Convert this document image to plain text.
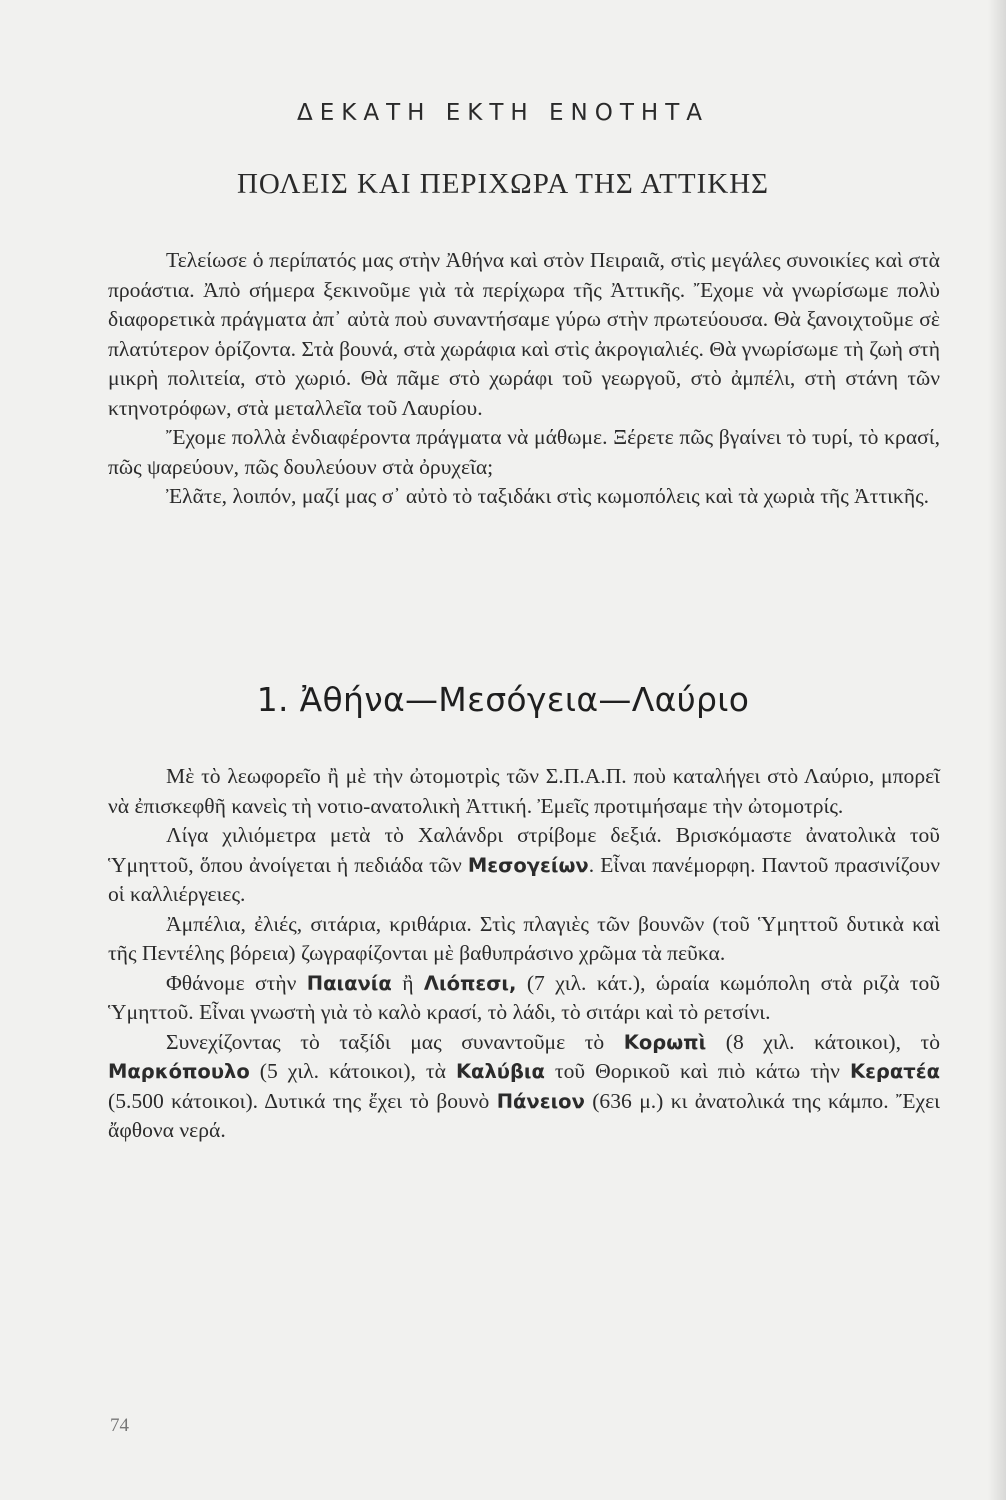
ΔΕΚΑΤΗ ΕΚΤΗ ΕΝΟΤΗΤΑ
ΠΟΛΕΙΣ ΚΑΙ ΠΕΡΙΧΩΡΑ ΤΗΣ ΑΤΤΙΚΗΣ

Τελείωσε ὁ περίπατός μας στὴν Ἀθήνα καὶ στὸν Πειραιᾶ, στὶς μεγάλες συνοικίες καὶ στὰ προάστια. Ἀπὸ σήμερα ξεκινοῦμε γιὰ τὰ περίχωρα τῆς Ἀττικῆς. Ἔχομε νὰ γνωρίσωμε πολὺ διαφορετικὰ πράγματα ἀπ᾿ αὐτὰ ποὺ συναντήσαμε γύρω στὴν πρωτεύουσα. Θὰ ξανοιχτοῦμε σὲ πλατύτερον ὁρίζοντα. Στὰ βουνά, στὰ χωράφια καὶ στὶς ἀκρογιαλιές. Θὰ γνωρίσωμε τὴ ζωὴ στὴ μικρὴ πολιτεία, στὸ χωριό. Θὰ πᾶμε στὸ χωράφι τοῦ γεωργοῦ, στὸ ἀμπέλι, στὴ στάνη τῶν κτηνοτρόφων, στὰ μεταλλεῖα τοῦ Λαυρίου.

Ἔχομε πολλὰ ἐνδιαφέροντα πράγματα νὰ μάθωμε. Ξέρετε πῶς βγαίνει τὸ τυρί, τὸ κρασί, πῶς ψαρεύουν, πῶς δουλεύουν στὰ ὀρυχεῖα;

Ἐλᾶτε, λοιπόν, μαζί μας σ᾿ αὐτὸ τὸ ταξιδάκι στὶς κωμοπόλεις καὶ τὰ χωριὰ τῆς Ἀττικῆς.

1. Ἀθήνα—Μεσόγεια—Λαύριο

Μὲ τὸ λεωφορεῖο ἢ μὲ τὴν ὠτομοτρὶς τῶν Σ.Π.Α.Π. ποὺ καταλήγει στὸ Λαύριο, μπορεῖ νὰ ἐπισκεφθῆ κανεὶς τὴ νοτιο-ανατολικὴ Ἀττική. Ἐμεῖς προτιμήσαμε τὴν ὠτομοτρίς.

Λίγα χιλιόμετρα μετὰ τὸ Χαλάνδρι στρίβομε δεξιά. Βρισκόμαστε ἀνατολικὰ τοῦ Ὑμηττοῦ, ὅπου ἀνοίγεται ἡ πεδιάδα τῶν Μεσογείων. Εἶναι πανέμορφη. Παντοῦ πρασινίζουν οἱ καλλιέργειες.

Ἀμπέλια, ἐλιές, σιτάρια, κριθάρια. Στὶς πλαγιὲς τῶν βουνῶν (τοῦ Ὑμηττοῦ δυτικὰ καὶ τῆς Πεντέλης βόρεια) ζωγραφίζονται μὲ βαθυπράσινο χρῶμα τὰ πεῦκα.

Φθάνομε στὴν Παιανία ἢ Λιόπεσι, (7 χιλ. κάτ.), ὡραία κωμόπολη στὰ ριζὰ τοῦ Ὑμηττοῦ. Εἶναι γνωστὴ γιὰ τὸ καλὸ κρασί, τὸ λάδι, τὸ σιτάρι καὶ τὸ ρετσίνι.

Συνεχίζοντας τὸ ταξίδι μας συναντοῦμε τὸ Κορωπὶ (8 χιλ. κάτοικοι), τὸ Μαρκόπουλο (5 χιλ. κάτοικοι), τὰ Καλύβια τοῦ Θορικοῦ καὶ πιὸ κάτω τὴν Κερατέα (5.500 κάτοικοι). Δυτικά της ἔχει τὸ βουνὸ Πάνειον (636 μ.) κι ἀνατολικά της κάμπο. Ἔχει ἄφθονα νερά.

74
